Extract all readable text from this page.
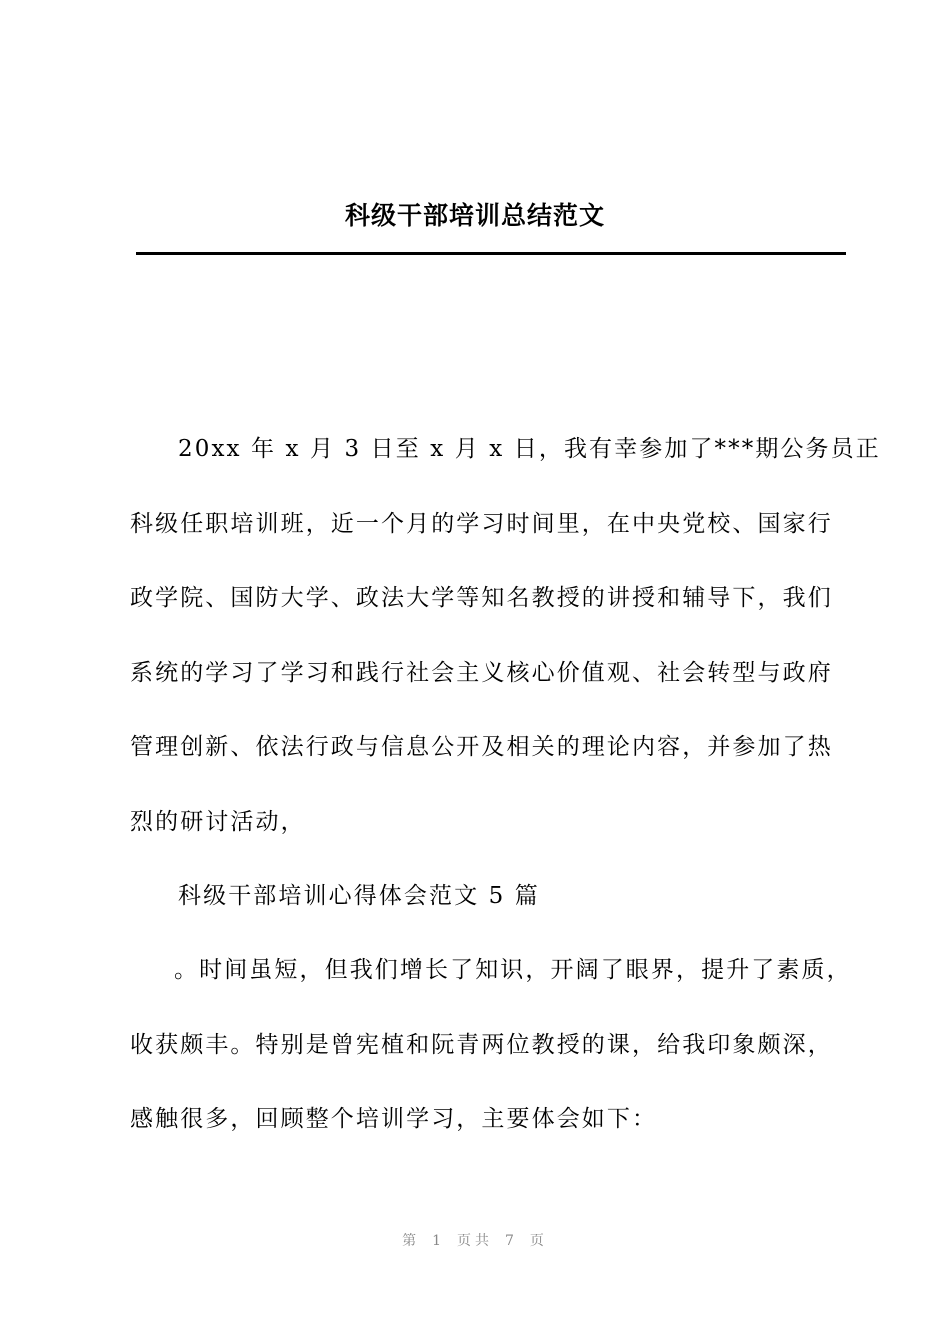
科级干部培训总结范文
20xx 年 x 月 3 日至 x 月 x 日，我有幸参加了***期公务员正
科级任职培训班，近一个月的学习时间里，在中央党校、国家行
政学院、国防大学、政法大学等知名教授的讲授和辅导下，我们
系统的学习了学习和践行社会主义核心价值观、社会转型与政府
管理创新、依法行政与信息公开及相关的理论内容，并参加了热
烈的研讨活动，
科级干部培训心得体会范文 5 篇
。时间虽短，但我们增长了知识，开阔了眼界，提升了素质，
收获颇丰。特别是曾宪植和阮青两位教授的课，给我印象颇深，
感触很多，回顾整个培训学习，主要体会如下：
第 1 页共 7 页
